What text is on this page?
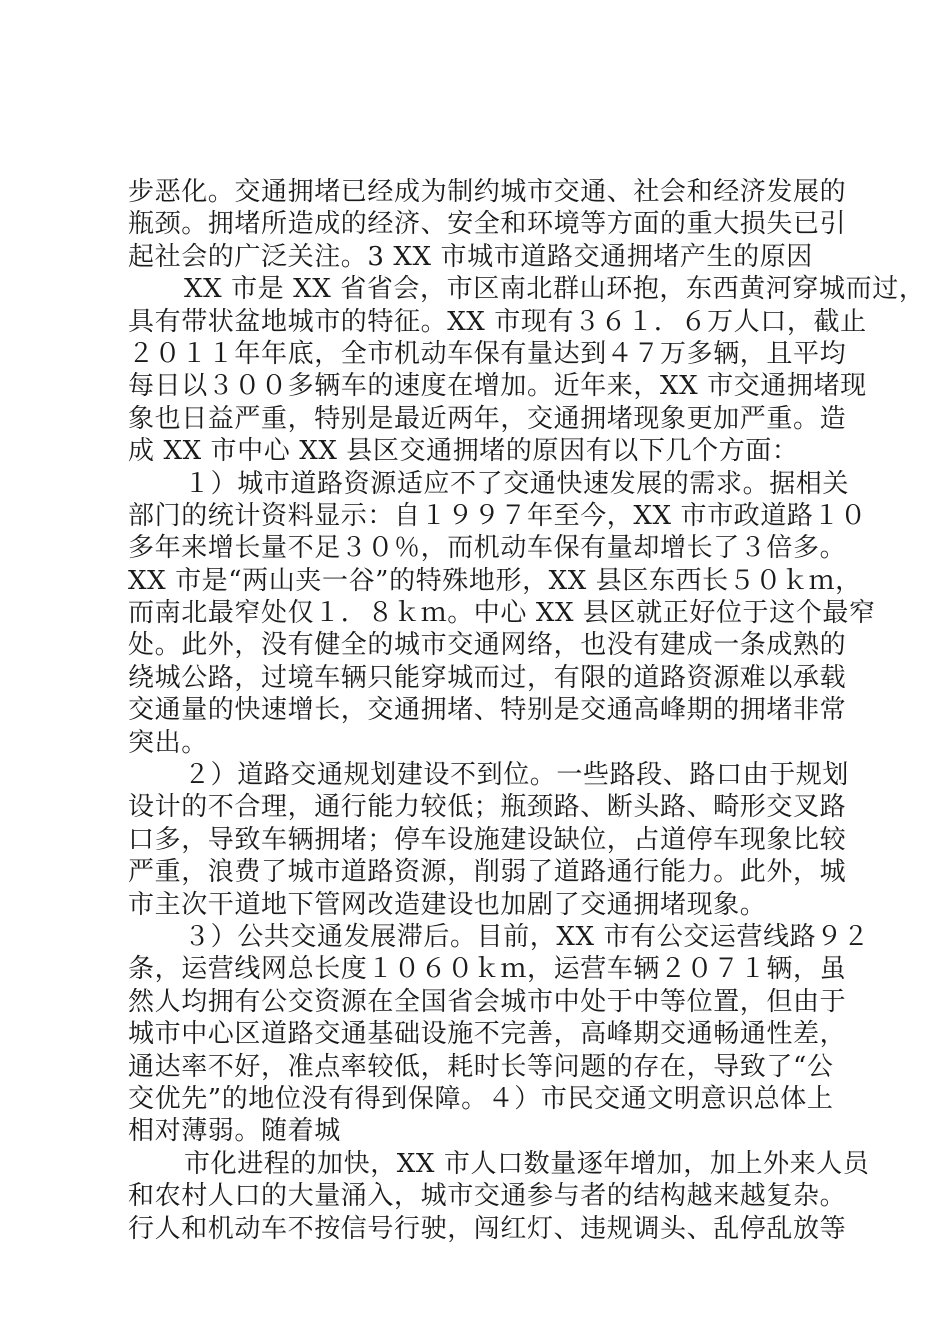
步恶化。交通拥堵已经成为制约城市交通、社会和经济发展的
瓶颈。拥堵所造成的经济、安全和环境等方面的重大损失已引
起社会的广泛关注。3 XX 市城市道路交通拥堵产生的原因
XX 市是 XX 省省会，市区南北群山环抱，东西黄河穿城而过，
具有带状盆地城市的特征。XX 市现有３６１．６万人口，截止
２０１１年年底，全市机动车保有量达到４７万多辆，且平均
每日以３００多辆车的速度在增加。近年来，XX 市交通拥堵现
象也日益严重，特别是最近两年，交通拥堵现象更加严重。造
成 XX 市中心 XX 县区交通拥堵的原因有以下几个方面：
１）城市道路资源适应不了交通快速发展的需求。据相关
部门的统计资料显示：自１９９７年至今，XX 市市政道路１０
多年来增长量不足３０％，而机动车保有量却增长了３倍多。
XX 市是“两山夹一谷”的特殊地形，XX 县区东西长５０ｋｍ，
而南北最窄处仅１．８ｋｍ。中心 XX 县区就正好位于这个最窄
处。此外，没有健全的城市交通网络，也没有建成一条成熟的
绕城公路，过境车辆只能穿城而过，有限的道路资源难以承载
交通量的快速增长，交通拥堵、特别是交通高峰期的拥堵非常
突出。
２）道路交通规划建设不到位。一些路段、路口由于规划
设计的不合理，通行能力较低；瓶颈路、断头路、畸形交叉路
口多，导致车辆拥堵；停车设施建设缺位，占道停车现象比较
严重，浪费了城市道路资源，削弱了道路通行能力。此外，城
市主次干道地下管网改造建设也加剧了交通拥堵现象。
３）公共交通发展滞后。目前，XX 市有公交运营线路９２
条，运营线网总长度１０６０ｋｍ，运营车辆２０７１辆，虽
然人均拥有公交资源在全国省会城市中处于中等位置，但由于
城市中心区道路交通基础设施不完善，高峰期交通畅通性差，
通达率不好，准点率较低，耗时长等问题的存在，导致了“公
交优先”的地位没有得到保障。４）市民交通文明意识总体上
相对薄弱。随着城
市化进程的加快，XX 市人口数量逐年增加，加上外来人员
和农村人口的大量涌入，城市交通参与者的结构越来越复杂。
行人和机动车不按信号行驶，闯红灯、违规调头、乱停乱放等
